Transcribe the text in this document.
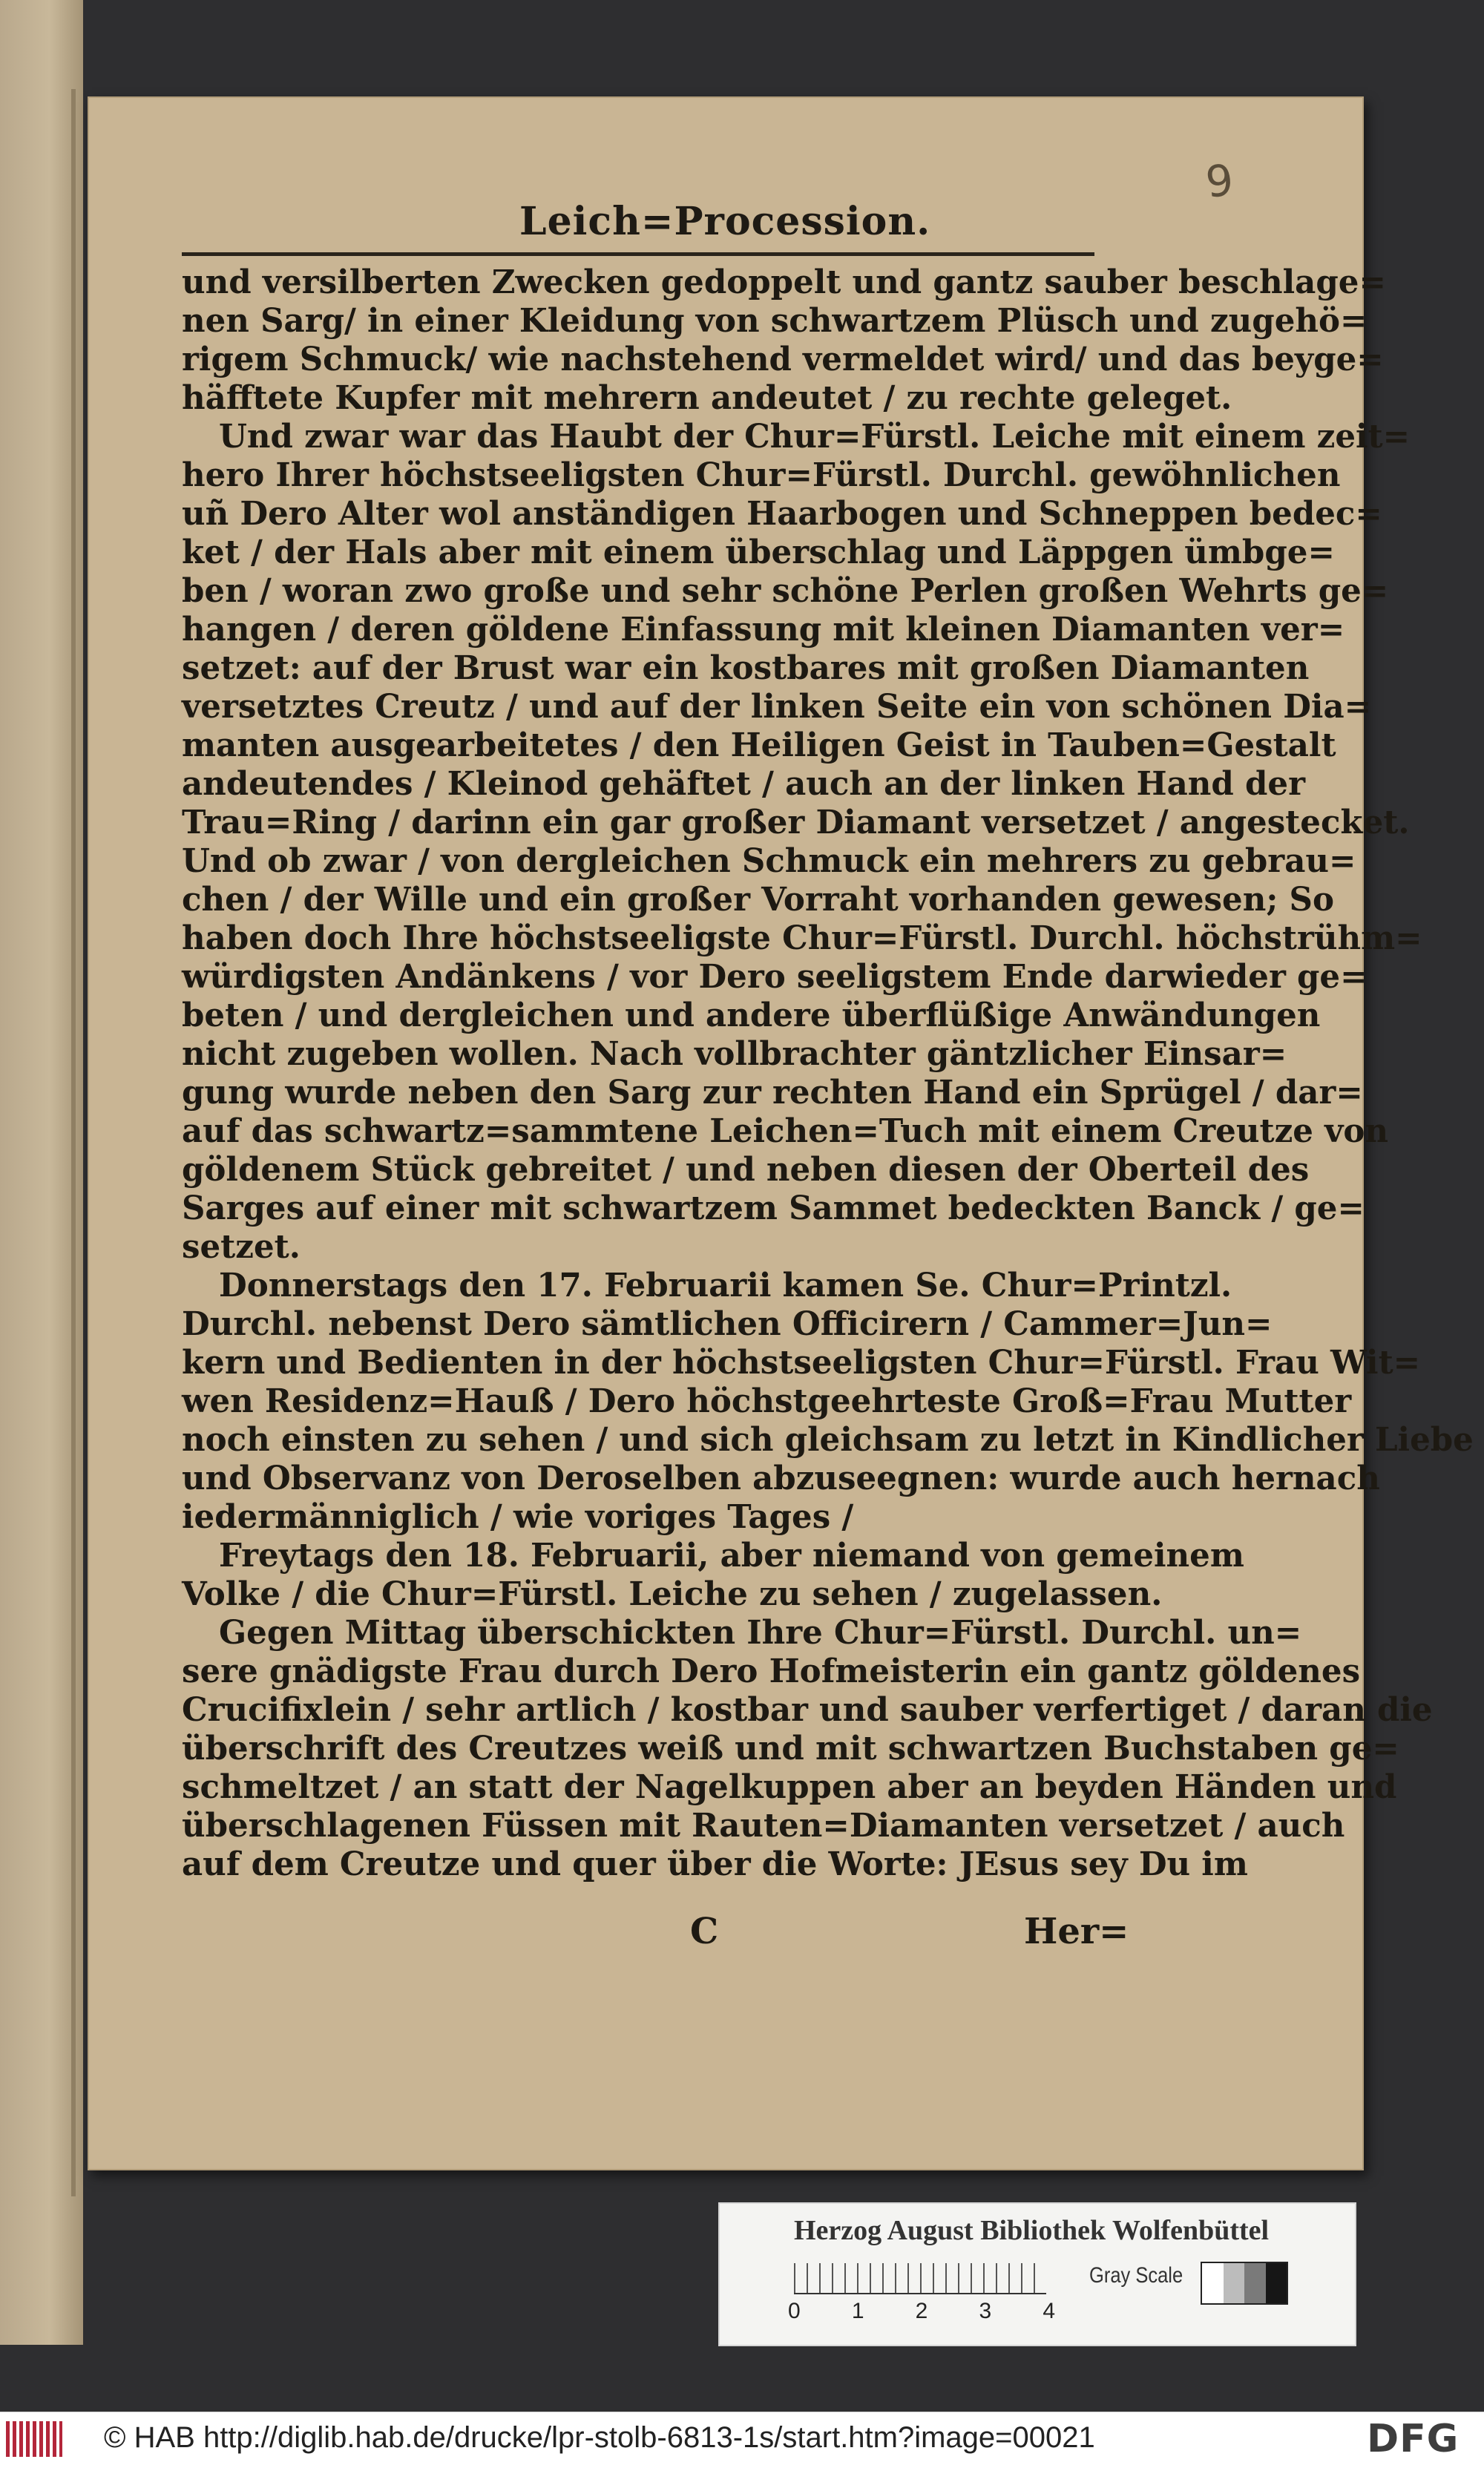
9
Leich=Procession.
und versilberten Zwecken gedoppelt und gantz sauber beschlage=
nen Sarg/ in einer Kleidung von schwartzem Plüsch und zugehö=
rigem Schmuck/ wie nachstehend vermeldet wird/ und das beyge=
häfftete Kupfer mit mehrern andeutet / zu rechte geleget.
Und zwar war das Haubt der Chur=Fürstl. Leiche mit einem zeit=
hero Ihrer höchstseeligsten Chur=Fürstl. Durchl. gewöhnlichen
uñ Dero Alter wol anständigen Haarbogen und Schneppen bedec=
ket / der Hals aber mit einem überschlag und Läppgen ümbge=
ben / woran zwo große und sehr schöne Perlen großen Wehrts ge=
hangen / deren göldene Einfassung mit kleinen Diamanten ver=
setzet: auf der Brust war ein kostbares mit großen Diamanten
versetztes Creutz / und auf der linken Seite ein von schönen Dia=
manten ausgearbeitetes / den Heiligen Geist in Tauben=Gestalt
andeutendes / Kleinod gehäftet / auch an der linken Hand der
Trau=Ring / darinn ein gar großer Diamant versetzet / angestecket.
Und ob zwar / von dergleichen Schmuck ein mehrers zu gebrau=
chen / der Wille und ein großer Vorraht vorhanden gewesen; So
haben doch Ihre höchstseeligste Chur=Fürstl. Durchl. höchstrühm=
würdigsten Andänkens / vor Dero seeligstem Ende darwieder ge=
beten / und dergleichen und andere überflüßige Anwändungen
nicht zugeben wollen. Nach vollbrachter gäntzlicher Einsar=
gung wurde neben den Sarg zur rechten Hand ein Sprügel / dar=
auf das schwartz=sammtene Leichen=Tuch mit einem Creutze von
göldenem Stück gebreitet / und neben diesen der Oberteil des
Sarges auf einer mit schwartzem Sammet bedeckten Banck / ge=
setzet.
Donnerstags den 17. Februarii kamen Se. Chur=Printzl.
Durchl. nebenst Dero sämtlichen Officirern / Cammer=Jun=
kern und Bedienten in der höchstseeligsten Chur=Fürstl. Frau Wit=
wen Residenz=Hauß / Dero höchstgeehrteste Groß=Frau Mutter
noch einsten zu sehen / und sich gleichsam zu letzt in Kindlicher Liebe
und Observanz von Deroselben abzuseegnen: wurde auch hernach
iedermänniglich / wie voriges Tages /
Freytags den 18. Februarii, aber niemand von gemeinem
Volke / die Chur=Fürstl. Leiche zu sehen / zugelassen.
Gegen Mittag überschickten Ihre Chur=Fürstl. Durchl. un=
sere gnädigste Frau durch Dero Hofmeisterin ein gantz göldenes
Crucifixlein / sehr artlich / kostbar und sauber verfertiget / daran die
überschrift des Creutzes weiß und mit schwartzen Buchstaben ge=
schmeltzet / an statt der Nagelkuppen aber an beyden Händen und
überschlagenen Füssen mit Rauten=Diamanten versetzet / auch
auf dem Creutze und quer über die Worte: JEsus sey Du im
C	Her=
Herzog August Bibliothek Wolfenbüttel
0 1 2 3 4
Gray Scale
© HAB http://diglib.hab.de/drucke/lpr-stolb-6813-1s/start.htm?image=00021	DFG
